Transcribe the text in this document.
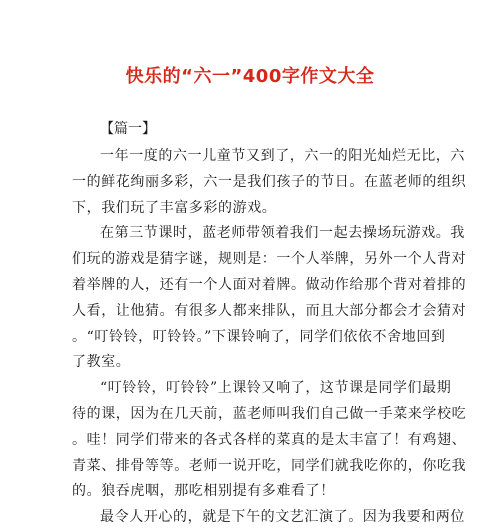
快乐的“六一”400字作文大全
【篇一】
一年一度的六一儿童节又到了，六一的阳光灿烂无比，六
一的鲜花绚丽多彩，六一是我们孩子的节日。在蓝老师的组织
下，我们玩了丰富多彩的游戏。
在第三节课时，蓝老师带领着我们一起去操场玩游戏。我
们玩的游戏是猜字谜，规则是：一个人举牌，另外一个人背对
着举牌的人，还有一个人面对着牌。做动作给那个背对着排的
人看，让他猜。有很多人都来排队，而且大部分都会才会猜对
。“叮铃铃，叮铃铃。”下课铃响了，同学们依依不舍地回到
了教室。
“叮铃铃，叮铃铃”上课铃又响了，这节课是同学们最期
待的课，因为在几天前，蓝老师叫我们自己做一手菜来学校吃
。哇！同学们带来的各式各样的菜真的是太丰富了！有鸡翅、
青菜、排骨等等。老师一说开吃，同学们就我吃你的，你吃我
的。狼吞虎咽，那吃相别提有多难看了！
最令人开心的，就是下午的文艺汇演了。因为我要和两位
